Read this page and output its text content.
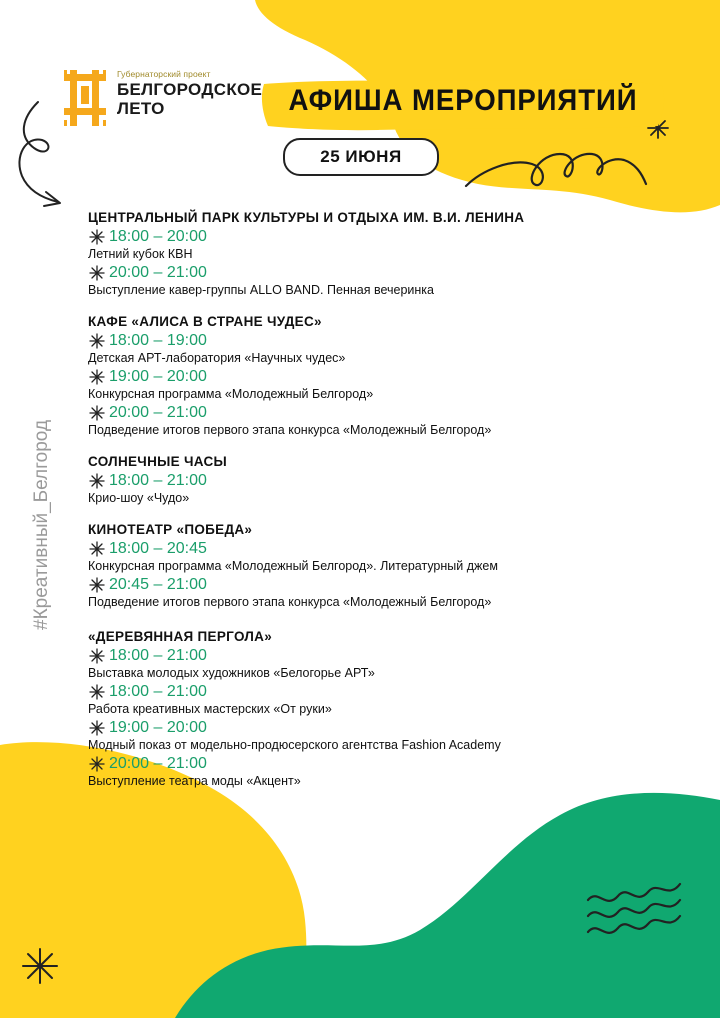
Губернаторский проект
БЕЛГОРОДСКОЕ
ЛЕТО	АФИША МЕРОПРИЯТИЙ
25 ИЮНЯ
#Креативный_Белгород
ЦЕНТРАЛЬНЫЙ ПАРК КУЛЬТУРЫ И ОТДЫХА ИМ. В.И. ЛЕНИНА
18:00 – 20:00
Летний кубок КВН
20:00 – 21:00
Выступление кавер-группы ALLO BAND. Пенная вечеринка
КАФЕ «АЛИСА В СТРАНЕ ЧУДЕС»
18:00 – 19:00
Детская АРТ-лаборатория «Научных чудес»
19:00 – 20:00
Конкурсная программа «Молодежный Белгород»
20:00 – 21:00
Подведение итогов первого этапа конкурса «Молодежный Белгород»
СОЛНЕЧНЫЕ ЧАСЫ
18:00 – 21:00
Крио-шоу «Чудо»
КИНОТЕАТР «ПОБЕДА»
18:00 – 20:45
Конкурсная программа «Молодежный Белгород». Литературный джем
20:45 – 21:00
Подведение итогов первого этапа конкурса «Молодежный Белгород»
«ДЕРЕВЯННАЯ ПЕРГОЛА»
18:00 – 21:00
Выставка молодых художников «Белогорье АРТ»
18:00 – 21:00
Работа креативных мастерских «От руки»
19:00 – 20:00
Модный показ от модельно-продюсерского агентства Fashion Academy
20:00 – 21:00
Выступление театра моды «Акцент»
